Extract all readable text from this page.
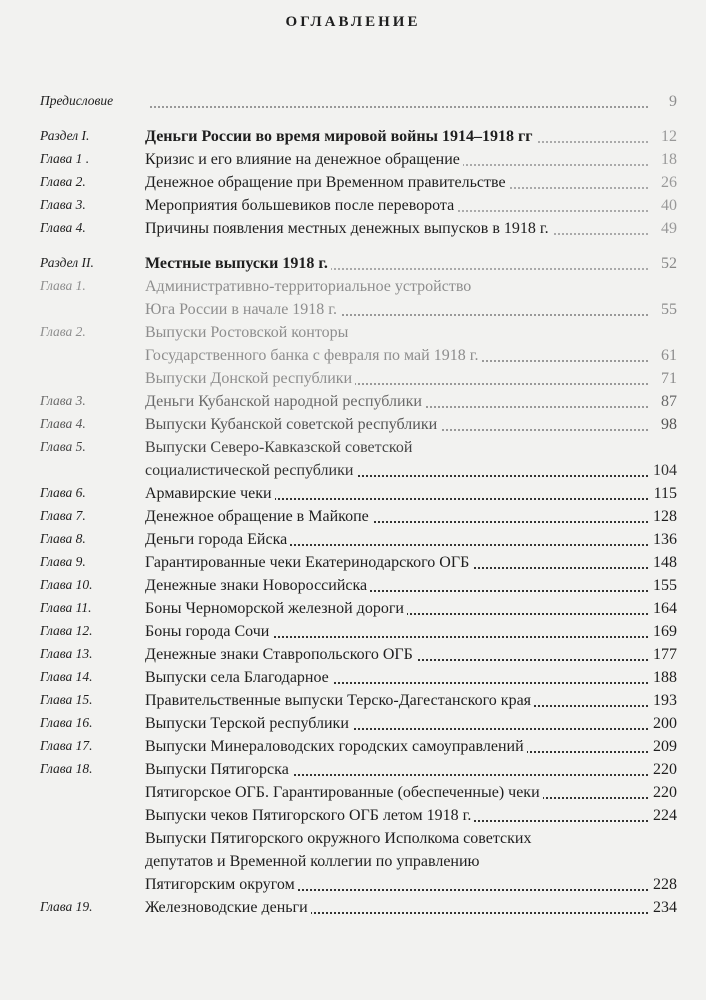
ОГЛАВЛЕНИЕ
Предисловие	9
Раздел I.	Деньги России во время мировой войны 1914–1918 гг	12
Глава 1 .	Кризис и его влияние на денежное обращение	18
Глава 2.	Денежное обращение при Временном правительстве	26
Глава 3.	Мероприятия большевиков после переворота	40
Глава 4.	Причины появления местных денежных выпусков в 1918 г.	49
Раздел II.	Местные выпуски 1918 г.	52
Глава 1.	Административно-территориальное устройство
Юга России в начале 1918 г.	55
Глава 2.	Выпуски Ростовской конторы
Государственного банка с февраля по май 1918 г.	61
Выпуски Донской республики	71
Глава 3.	Деньги Кубанской народной республики	87
Глава 4.	Выпуски Кубанской советской республики	98
Глава 5.	Выпуски Северо-Кавказской советской
социалистической республики	104
Глава 6.	Армавирские чеки	115
Глава 7.	Денежное обращение в Майкопе	128
Глава 8.	Деньги города Ейска	136
Глава 9.	Гарантированные чеки Екатеринодарского ОГБ	148
Глава 10.	Денежные знаки Новороссийска	155
Глава 11.	Боны Черноморской железной дороги	164
Глава 12.	Боны города Сочи	169
Глава 13.	Денежные знаки Ставропольского ОГБ	177
Глава 14.	Выпуски села Благодарное	188
Глава 15.	Правительственные выпуски Терско-Дагестанского края	193
Глава 16.	Выпуски Терской республики	200
Глава 17.	Выпуски Минераловодских городских самоуправлений	209
Глава 18.	Выпуски Пятигорска	220
Пятигорское ОГБ. Гарантированные (обеспеченные) чеки	220
Выпуски чеков Пятигорского ОГБ летом 1918 г.	224
Выпуски Пятигорского окружного Исполкома советских
депутатов и Временной коллегии по управлению
Пятигорским округом	228
Глава 19.	Железноводские деньги	234
